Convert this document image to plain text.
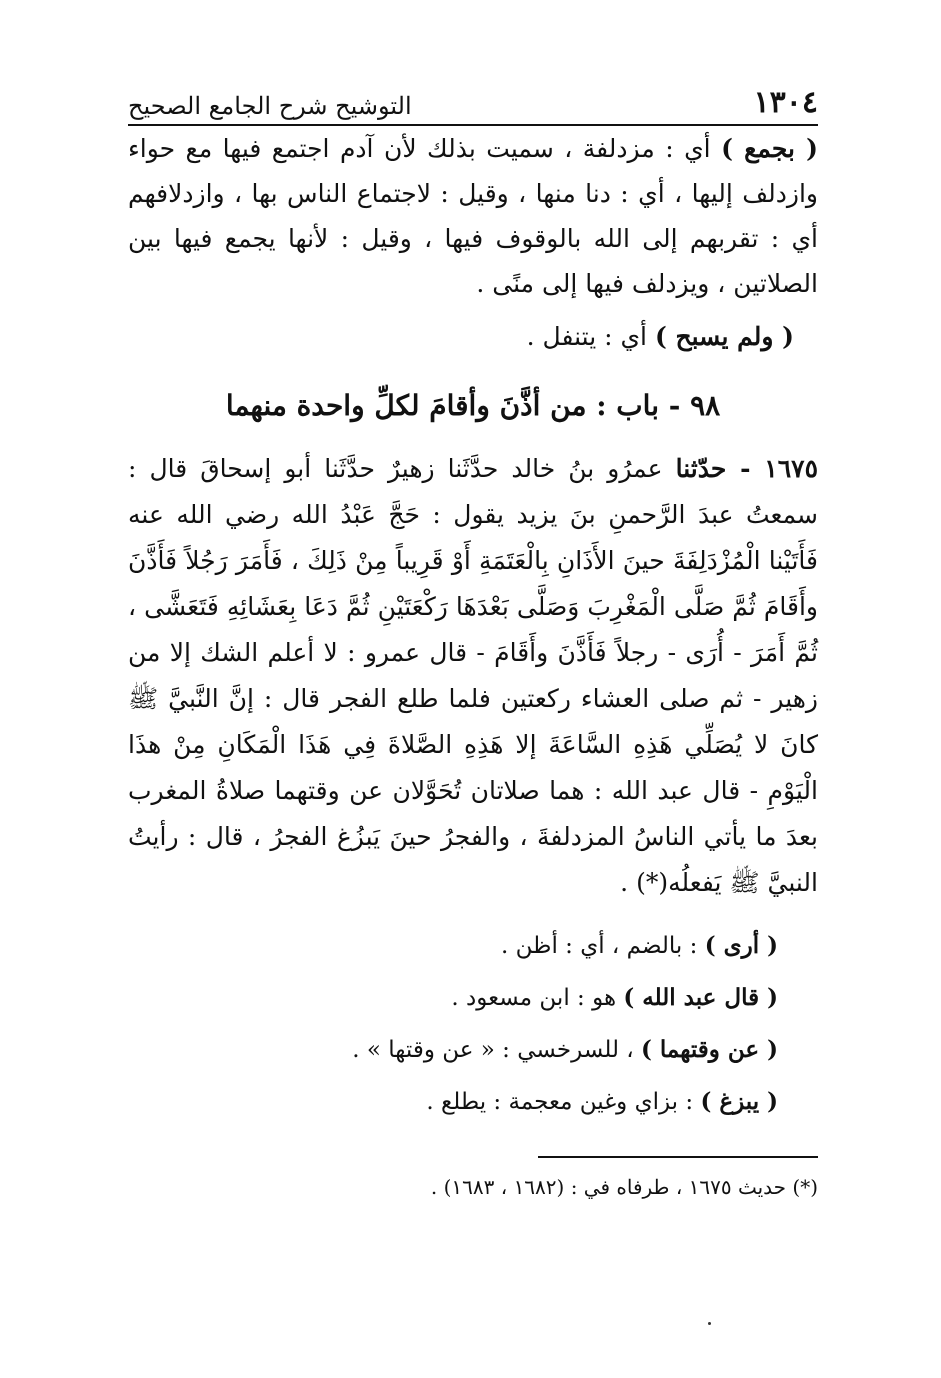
١٣٠٤
التوشيح شرح الجامع الصحيح

( بجمع ) أي : مزدلفة ، سميت بذلك لأن آدم اجتمع فيها مع حواء وازدلف إليها ، أي : دنا منها ، وقيل : لاجتماع الناس بها ، وازدلافهم أي : تقربهم إلى الله بالوقوف فيها ، وقيل : لأنها يجمع فيها بين الصلاتين ، ويزدلف فيها إلى منًى .

( ولم يسبح ) أي : يتنفل .

٩٨ - باب : من أذَّنَ وأقامَ لكلِّ واحدة منهما

١٦٧٥ - حدّثنا عمرُو بنُ خالد حدَّثَنا زهيرٌ حدَّثَنا أبو إسحاقَ قال : سمعتُ عبدَ الرَّحمنِ بنَ يزيد يقول : حَجَّ عَبْدُ الله رضي الله عنه فَأَتَيْنا الْمُزْدَلِفَةَ حينَ الأَذَانِ بِالْعَتَمَةِ أَوْ قَرِيباً مِنْ ذَلِكَ ، فَأَمَرَ رَجُلاً فَأَذَّنَ وأَقَامَ ثُمَّ صَلَّى الْمَغْرِبَ وَصَلَّى بَعْدَهَا رَكْعَتَيْنِ ثُمَّ دَعَا بِعَشَائِهِ فَتَعَشَّى ، ثُمَّ أَمَرَ - أُرَى - رجلاً فَأَذَّنَ وأَقَامَ - قال عمرو : لا أعلم الشك إلا من زهير - ثم صلى العشاء ركعتين فلما طلع الفجر قال : إنَّ النَّبيَّ ﷺ كانَ لا يُصَلِّي هَذِهِ السَّاعَةَ إلا هَذِهِ الصَّلاةَ فِي هَذَا الْمَكَانِ مِنْ هذَا الْيَوْمِ - قال عبد الله : هما صلاتان تُحَوَّلان عن وقتهما صلاةُ المغرب بعدَ ما يأتي الناسُ المزدلفةَ ، والفجرُ حينَ يَبزُغ الفجرُ ، قال : رأيتُ النبيَّ ﷺ يَفعلُه(*) .

( أرى ) : بالضم ، أي : أظن .

( قال عبد الله ) هو : ابن مسعود .

( عن وقتهما ) ، للسرخسي : « عن وقتها » .

( يبزغ ) : بزاي وغين معجمة : يطلع .

(*) حديث ١٦٧٥ ، طرفاه في : (١٦٨٢ ، ١٦٨٣) .
